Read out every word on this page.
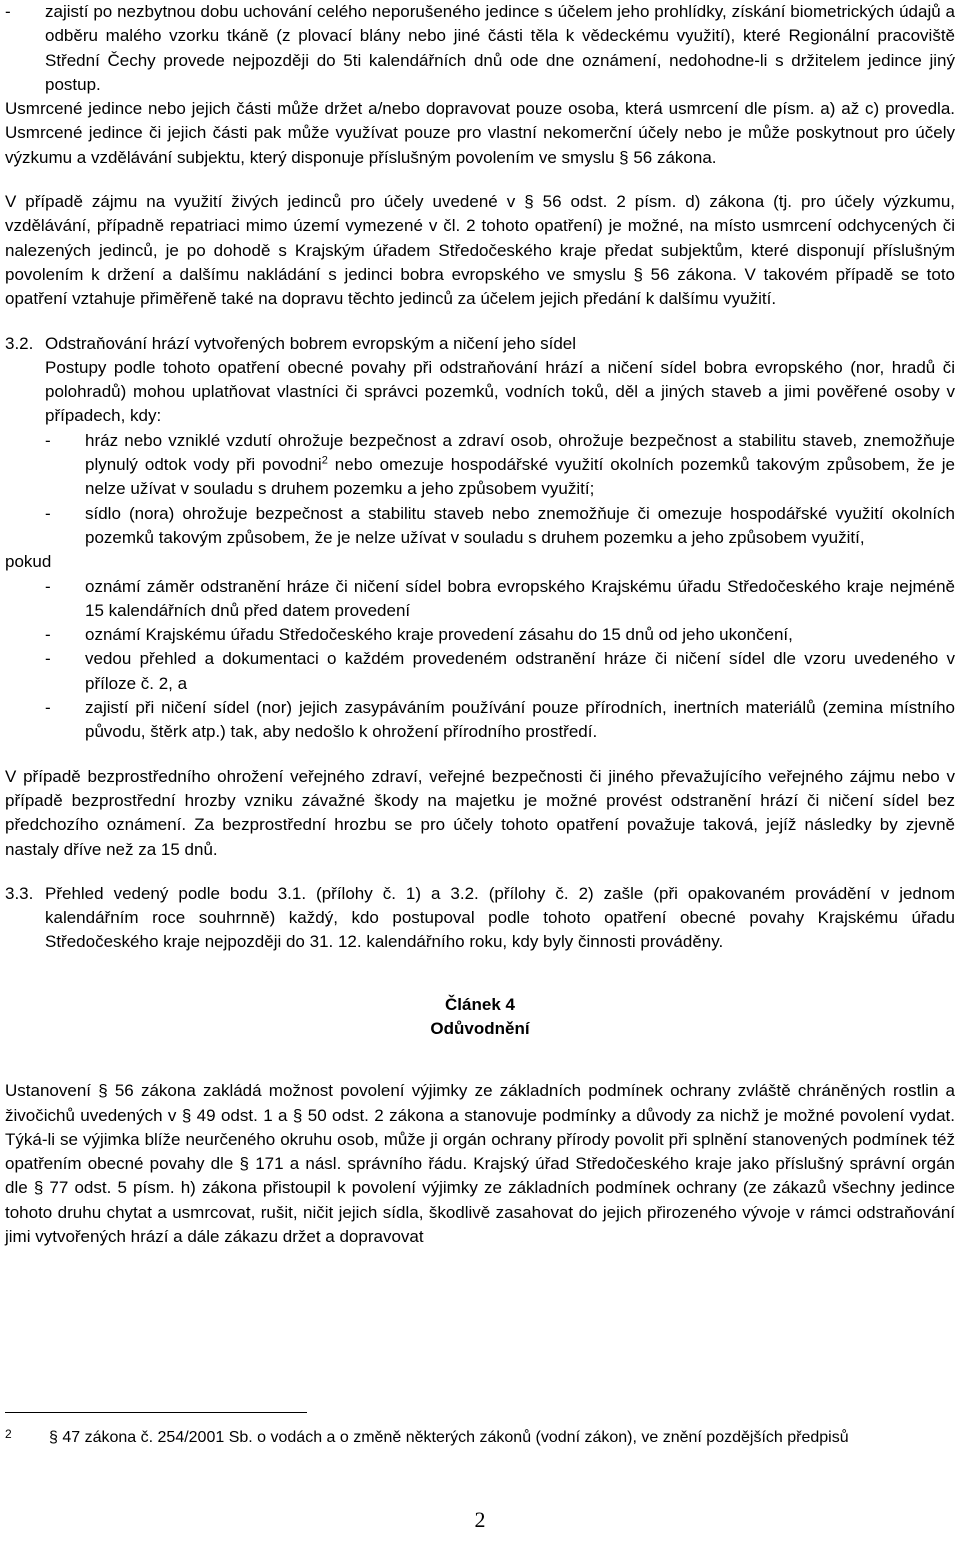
- zajistí po nezbytnou dobu uchování celého neporušeného jedince s účelem jeho prohlídky, získání biometrických údajů a odběru malého vzorku tkáně (z plovací blány nebo jiné části těla k vědeckému využití), které Regionální pracoviště Střední Čechy provede nejpozději do 5ti kalendářních dnů ode dne oznámení, nedohodne-li s držitelem jedince jiný postup.

Usmrcené jedince nebo jejich části může držet a/nebo dopravovat pouze osoba, která usmrcení dle písm. a) až c) provedla. Usmrcené jedince či jejich části pak může využívat pouze pro vlastní nekomerční účely nebo je může poskytnout pro účely výzkumu a vzdělávání subjektu, který disponuje příslušným povolením ve smyslu § 56 zákona.

V případě zájmu na využití živých jedinců pro účely uvedené v § 56 odst. 2 písm. d) zákona (tj. pro účely výzkumu, vzdělávání, případně repatriaci mimo území vymezené v čl. 2 tohoto opatření) je možné, na místo usmrcení odchycených či nalezených jedinců, je po dohodě s Krajským úřadem Středočeského kraje předat subjektům, které disponují příslušným povolením k držení a dalšímu nakládání s jedinci bobra evropského ve smyslu § 56 zákona. V takovém případě se toto opatření vztahuje přiměřeně také na dopravu těchto jedinců za účelem jejich předání k dalšímu využití.

3.2. Odstraňování hrází vytvořených bobrem evropským a ničení jeho sídel
Postupy podle tohoto opatření obecné povahy při odstraňování hrází a ničení sídel bobra evropského (nor, hradů či polohradů) mohou uplatňovat vlastníci či správci pozemků, vodních toků, děl a jiných staveb a jimi pověřené osoby v případech, kdy:
- hráz nebo vzniklé vzdutí ohrožuje bezpečnost a zdraví osob, ohrožuje bezpečnost a stabilitu staveb, znemožňuje plynulý odtok vody při povodni$^2$ nebo omezuje hospodářské využití okolních pozemků takovým způsobem, že je nelze užívat v souladu s druhem pozemku a jeho způsobem využití;
- sídlo (nora) ohrožuje bezpečnost a stabilitu staveb nebo znemožňuje či omezuje hospodářské využití okolních pozemků takovým způsobem, že je nelze užívat v souladu s druhem pozemku a jeho způsobem využití,
pokud
- oznámí záměr odstranění hráze či ničení sídel bobra evropského Krajskému úřadu Středočeského kraje nejméně 15 kalendářních dnů před datem provedení
- oznámí Krajskému úřadu Středočeského kraje provedení zásahu do 15 dnů od jeho ukončení,
- vedou přehled a dokumentaci o každém provedeném odstranění hráze či ničení sídel dle vzoru uvedeného v příloze č. 2, a
- zajistí při ničení sídel (nor) jejich zasypáváním používání pouze přírodních, inertních materiálů (zemina místního původu, štěrk atp.) tak, aby nedošlo k ohrožení přírodního prostředí.

V případě bezprostředního ohrožení veřejného zdraví, veřejné bezpečnosti či jiného převažujícího veřejného zájmu nebo v případě bezprostřední hrozby vzniku závažné škody na majetku je možné provést odstranění hrází či ničení sídel bez předchozího oznámení. Za bezprostřední hrozbu se pro účely tohoto opatření považuje taková, jejíž následky by zjevně nastaly dříve než za 15 dnů.

3.3. Přehled vedený podle bodu 3.1. (přílohy č. 1) a 3.2. (přílohy č. 2) zašle (při opakovaném provádění v jednom kalendářním roce souhrnně) každý, kdo postupoval podle tohoto opatření obecné povahy Krajskému úřadu Středočeského kraje nejpozději do 31. 12. kalendářního roku, kdy byly činnosti prováděny.

Článek 4

Odůvodnění

Ustanovení § 56 zákona zakládá možnost povolení výjimky ze základních podmínek ochrany zvláště chráněných rostlin a živočichů uvedených v § 49 odst. 1 a § 50 odst. 2 zákona a stanovuje podmínky a důvody za nichž je možné povolení vydat. Týká-li se výjimka blíže neurčeného okruhu osob, může ji orgán ochrany přírody povolit při splnění stanovených podmínek též opatřením obecné povahy dle § 171 a násl. správního řádu. Krajský úřad Středočeského kraje jako příslušný správní orgán dle § 77 odst. 5 písm. h) zákona přistoupil k povolení výjimky ze základních podmínek ochrany (ze zákazů všechny jedince tohoto druhu chytat a usmrcovat, rušit, ničit jejich sídla, škodlivě zasahovat do jejich přirozeného vývoje v rámci odstraňování jimi vytvořených hrází a dále zákazu držet a dopravovat

2 § 47 zákona č. 254/2001 Sb. o vodách a o změně některých zákonů (vodní zákon), ve znění pozdějších předpisů
2
